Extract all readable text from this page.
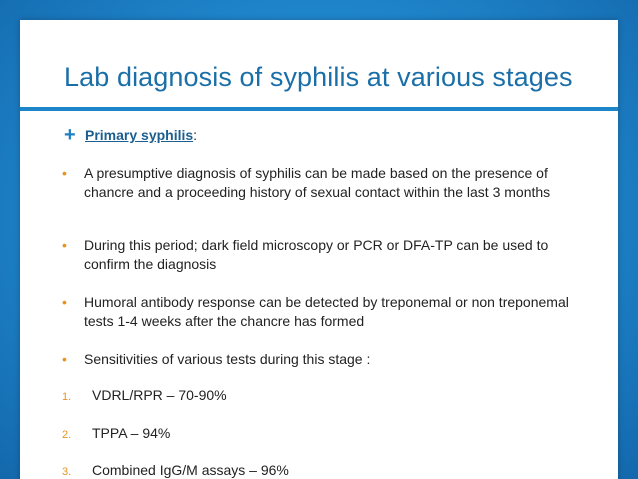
Lab diagnosis of syphilis at various stages
+ Primary syphilis:
• A presumptive diagnosis of syphilis can be made based on the presence of chancre and a proceeding history of sexual contact within the last 3 months
• During this period; dark field microscopy or PCR or DFA-TP can be used to confirm the diagnosis
• Humoral antibody response can be detected by treponemal or non treponemal tests 1-4 weeks after the chancre has formed
• Sensitivities of various tests during this stage :
1. VDRL/RPR – 70-90%
2. TPPA – 94%
3. Combined IgG/M assays – 96%
